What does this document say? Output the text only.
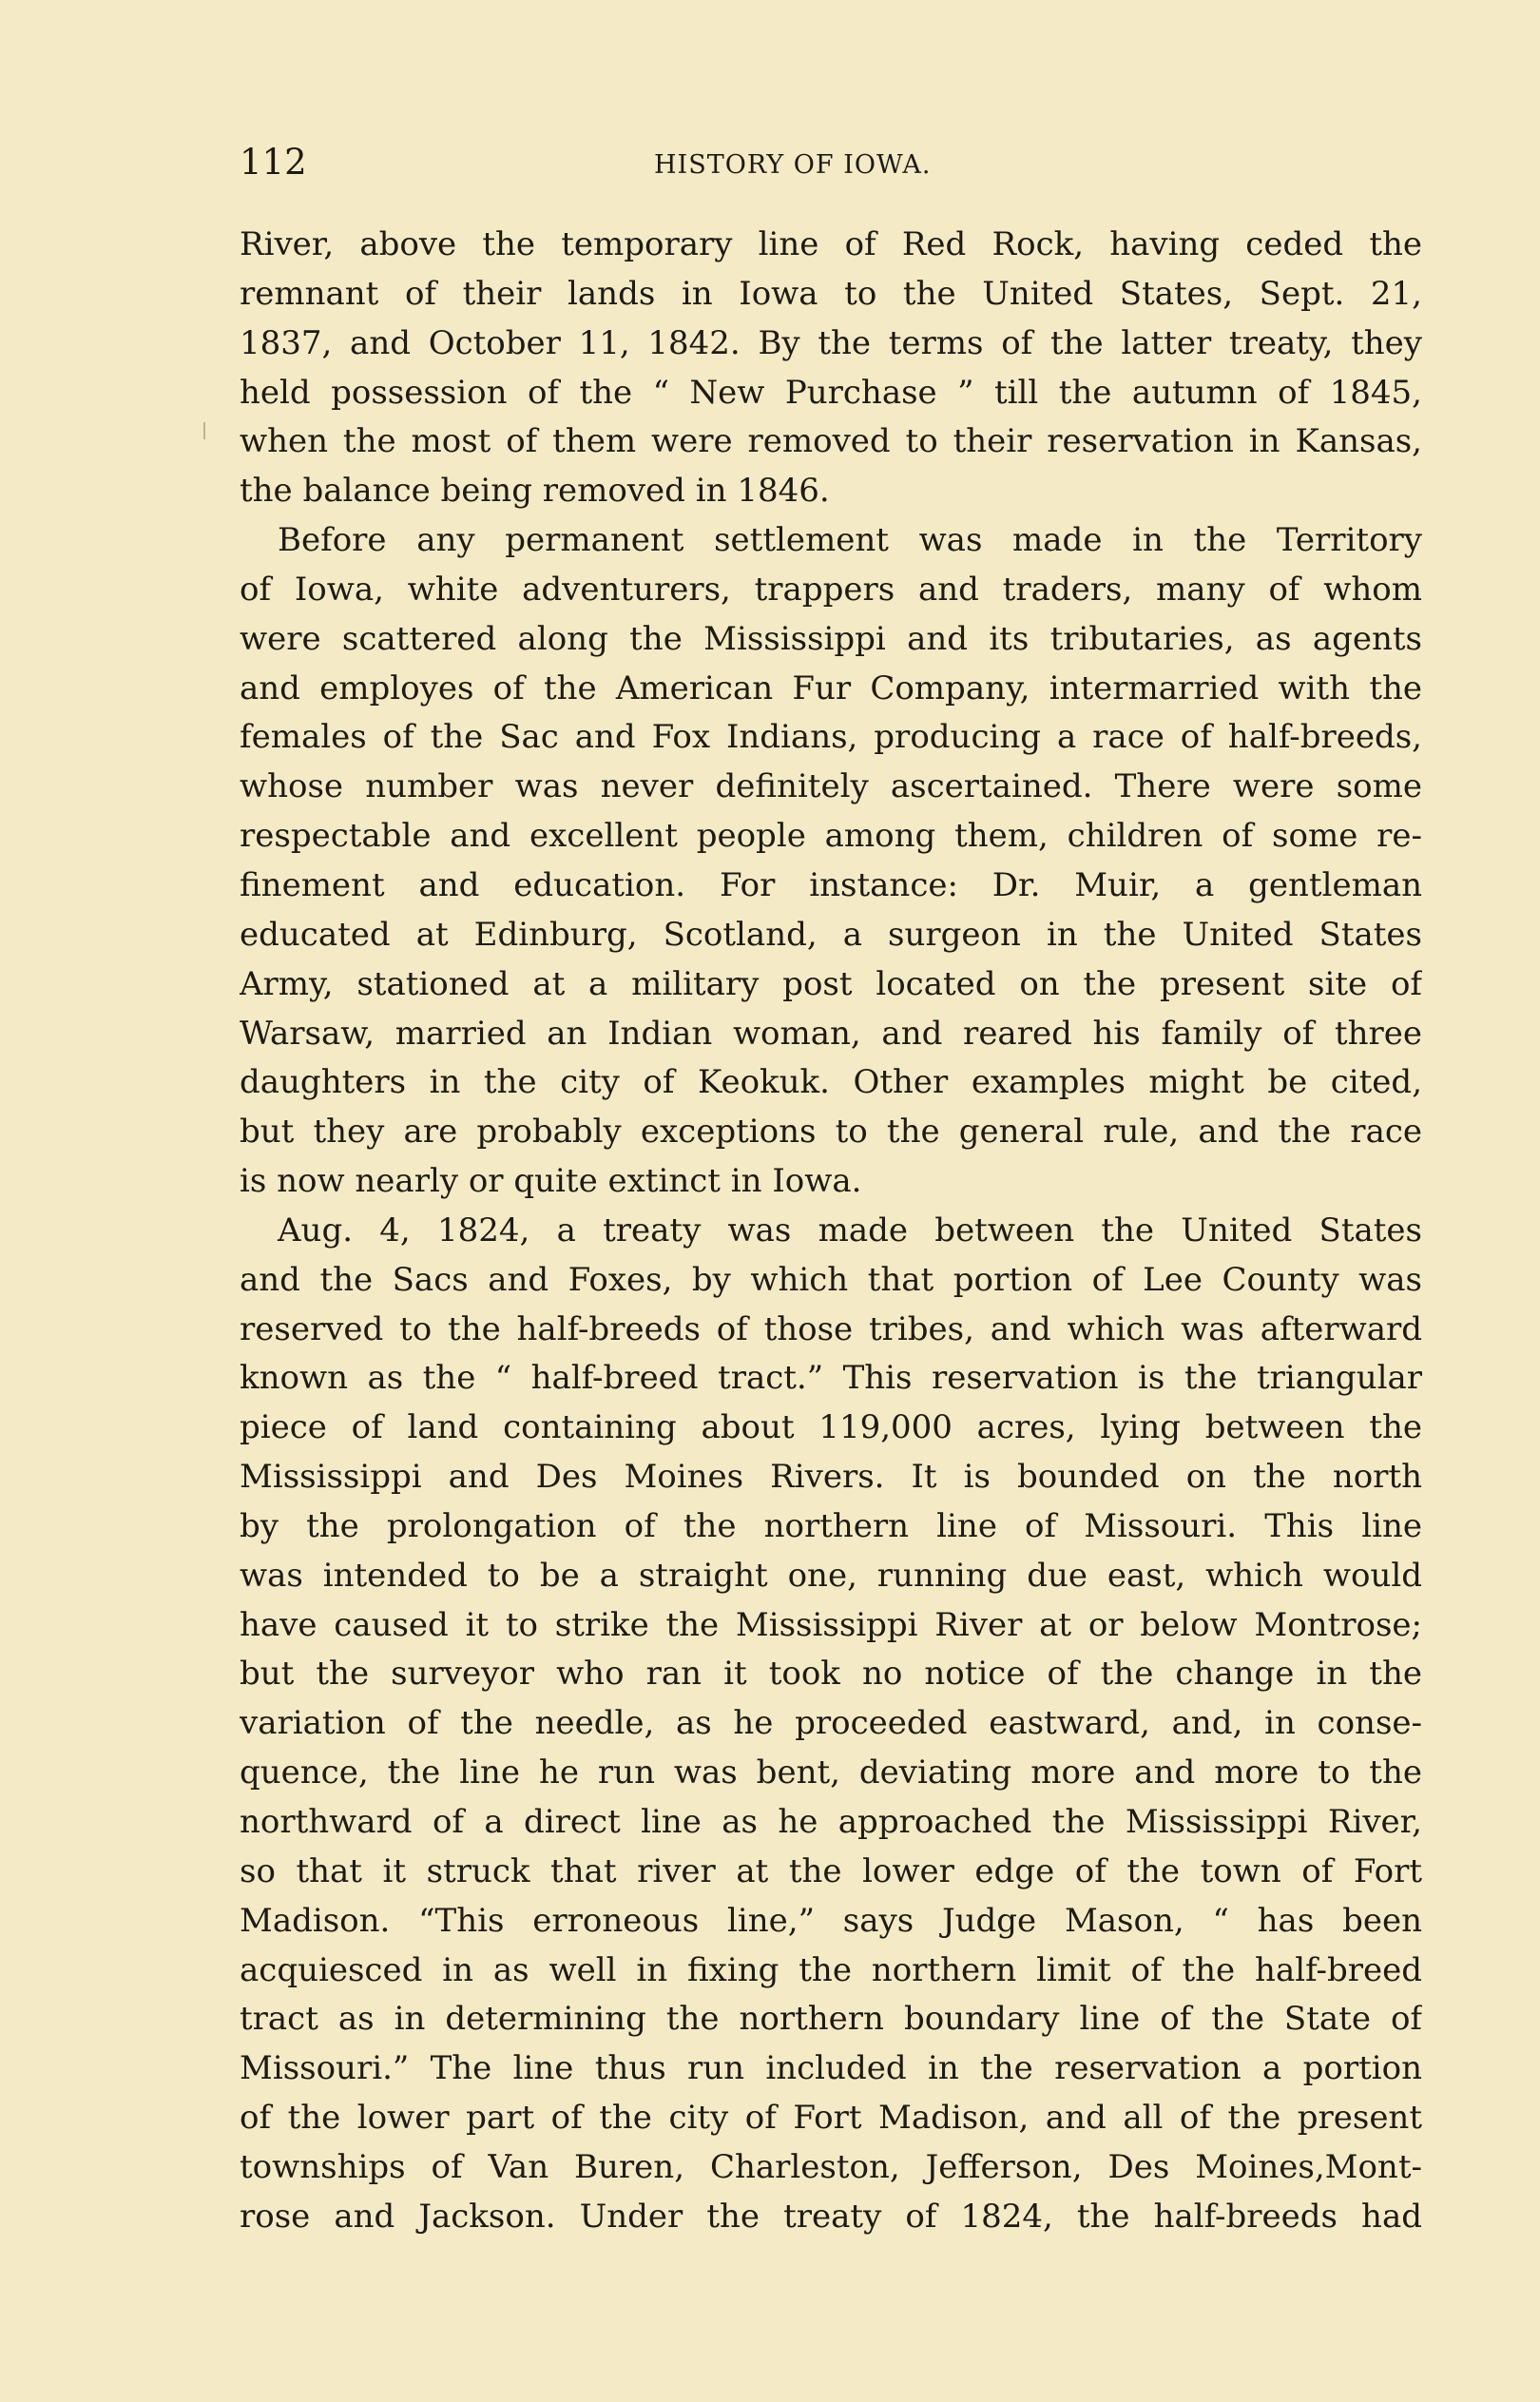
112	HISTORY OF IOWA.
River, above the temporary line of Red Rock, having ceded the
remnant of their lands in Iowa to the United States, Sept. 21,
1837, and October 11, 1842. By the terms of the latter treaty, they
held possession of the “ New Purchase ” till the autumn of 1845,
when the most of them were removed to their reservation in Kansas,
the balance being removed in 1846.
Before any permanent settlement was made in the Territory
of Iowa, white adventurers, trappers and traders, many of whom
were scattered along the Mississippi and its tributaries, as agents
and employes of the American Fur Company, intermarried with the
females of the Sac and Fox Indians, producing a race of half-breeds,
whose number was never definitely ascertained. There were some
respectable and excellent people among them, children of some re-
finement and education. For instance: Dr. Muir, a gentleman
educated at Edinburg, Scotland, a surgeon in the United States
Army, stationed at a military post located on the present site of
Warsaw, married an Indian woman, and reared his family of three
daughters in the city of Keokuk. Other examples might be cited,
but they are probably exceptions to the general rule, and the race
is now nearly or quite extinct in Iowa.
Aug. 4, 1824, a treaty was made between the United States
and the Sacs and Foxes, by which that portion of Lee County was
reserved to the half-breeds of those tribes, and which was afterward
known as the “ half-breed tract.” This reservation is the triangular
piece of land containing about 119,000 acres, lying between the
Mississippi and Des Moines Rivers. It is bounded on the north
by the prolongation of the northern line of Missouri. This line
was intended to be a straight one, running due east, which would
have caused it to strike the Mississippi River at or below Montrose;
but the surveyor who ran it took no notice of the change in the
variation of the needle, as he proceeded eastward, and, in conse-
quence, the line he run was bent, deviating more and more to the
northward of a direct line as he approached the Mississippi River,
so that it struck that river at the lower edge of the town of Fort
Madison. “This erroneous line,” says Judge Mason, “ has been
acquiesced in as well in fixing the northern limit of the half-breed
tract as in determining the northern boundary line of the State of
Missouri.” The line thus run included in the reservation a portion
of the lower part of the city of Fort Madison, and all of the present
townships of Van Buren, Charleston, Jefferson, Des Moines,Mont-
rose and Jackson. Under the treaty of 1824, the half-breeds had
